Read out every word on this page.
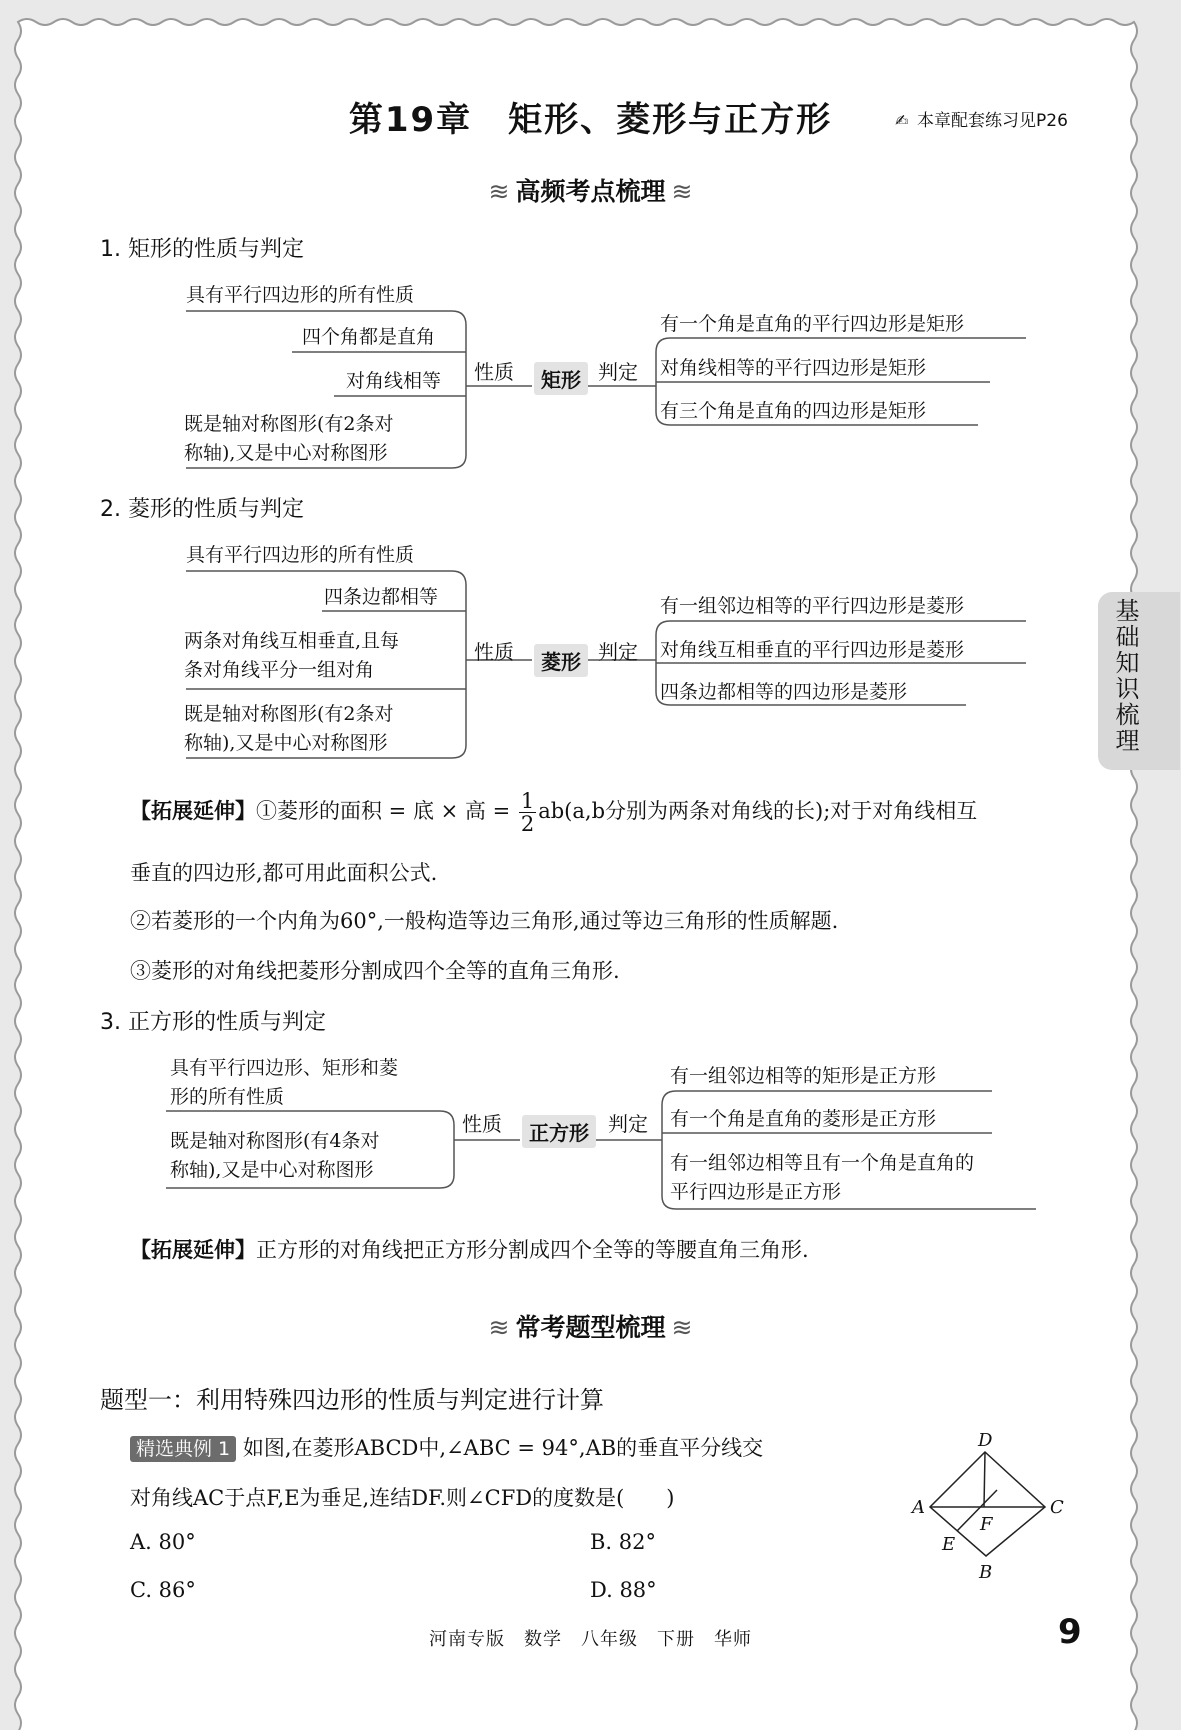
第19章　矩形、菱形与正方形	✍ 本章配套练习见P26
≋ 高频考点梳理 ≋
1. 矩形的性质与判定
具有平行四边形的所有性质
四个角都是直角
对角线相等
既是轴对称图形(有2条对
称轴),又是中心对称图形
性质	矩形 判定
有一个角是直角的平行四边形是矩形
对角线相等的平行四边形是矩形
有三个角是直角的四边形是矩形
2. 菱形的性质与判定
具有平行四边形的所有性质
四条边都相等
两条对角线互相垂直,且每
条对角线平分一组对角
既是轴对称图形(有2条对
称轴),又是中心对称图形
性质	菱形 判定
有一组邻边相等的平行四边形是菱形
对角线互相垂直的平行四边形是菱形
四条边都相等的四边形是菱形
【拓展延伸】①菱形的面积 = 底 × 高 = $\frac{1}{2} ab(a,b$分别为两条对角线的长);对于对角线相互
垂直的四边形,都可用此面积公式.
②若菱形的一个内角为60°,一般构造等边三角形,通过等边三角形的性质解题.
③菱形的对角线把菱形分割成四个全等的直角三角形.
3. 正方形的性质与判定
具有平行四边形、矩形和菱
形的所有性质
既是轴对称图形(有4条对
称轴),又是中心对称图形
性质	正方形 判定
有一组邻边相等的矩形是正方形
有一个角是直角的菱形是正方形
有一组邻边相等且有一个角是直角的
平行四边形是正方形
【拓展延伸】正方形的对角线把正方形分割成四个全等的等腰直角三角形.
≋ 常考题型梳理 ≋
题型一：利用特殊四边形的性质与判定进行计算
精选典例 1 如图,在菱形ABCD中,∠ABC = 94°,AB的垂直平分线交
对角线AC于点F,E为垂足,连结DF.则∠CFD的度数是(　　)
A. 80°	B. 82°
C. 86°	D. 88°
D
A	C
B
E
F
基础知识梳理
河南专版　数学　八年级　下册　华师	9
